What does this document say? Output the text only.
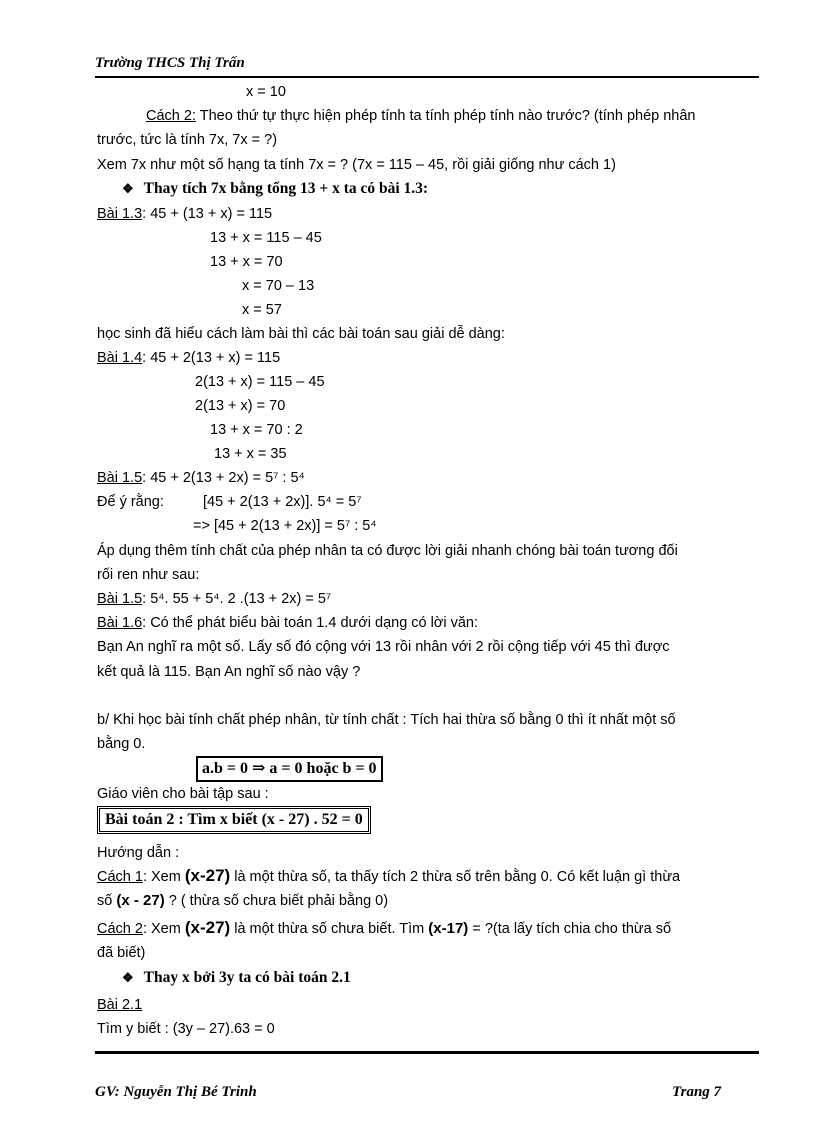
Trường THCS Thị Trấn
x = 10
Cách 2: Theo thứ tự thực hiện phép tính ta tính phép tính nào trước? (tính phép nhân
trước, tức là tính 7x, 7x = ?)
Xem 7x như một số hạng ta tính 7x = ? (7x = 115 – 45, rồi giải giống như cách 1)
❖ Thay tích 7x bằng tổng 13 + x ta có bài 1.3:
Bài 1.3: 45 + (13 + x) = 115
13 + x = 115 – 45
13 + x = 70
x = 70 – 13
x = 57
học sinh đã hiểu cách làm bài thì các bài toán sau giải dễ dàng:
Bài 1.4: 45 + 2(13 + x) = 115
2(13 + x) = 115 – 45
2(13 + x) = 70
13 + x = 70 : 2
13 + x = 35
Bài 1.5: 45 + 2(13 + 2x) = 5⁷ : 5⁴
Để ý rằng:	[45 + 2(13 + 2x)]. 5⁴ = 5⁷
=> [45 + 2(13 + 2x)] = 5⁷ : 5⁴
Áp dụng thêm tính chất của phép nhân ta có được lời giải nhanh chóng bài toán tương đối
rối ren như sau:
Bài 1.5: 5⁴. 55 + 5⁴. 2 .(13 + 2x) = 5⁷
Bài 1.6: Có thể phát biểu bài toán 1.4 dưới dạng có lời văn:
Bạn An nghĩ ra một số. Lấy số đó cộng với 13 rồi nhân với 2 rồi cộng tiếp với 45 thì được
kết quả là 115. Bạn An nghĩ số nào vậy ?
b/ Khi học bài tính chất phép nhân, từ tính chất : Tích hai thừa số bằng 0 thì ít nhất một số
bằng 0.
a.b = 0 ⇒ a = 0 hoặc b = 0
Giáo viên cho bài tập sau :
Bài toán 2 : Tìm x biết (x - 27) . 52 = 0
Hướng dẫn :
Cách 1: Xem (x-27) là một thừa số, ta thấy tích 2 thừa số trên bằng 0. Có kết luận gì thừa
số (x - 27) ? ( thừa số chưa biết phải bằng 0)
Cách 2: Xem (x-27) là một thừa số chưa biết. Tìm (x-17) = ?(ta lấy tích chia cho thừa số
đã biết)
❖ Thay x bởi 3y ta có bài toán 2.1
Bài 2.1
Tìm y biết : (3y – 27).63 = 0
GV: Nguyễn Thị Bé Trinh	Trang 7
